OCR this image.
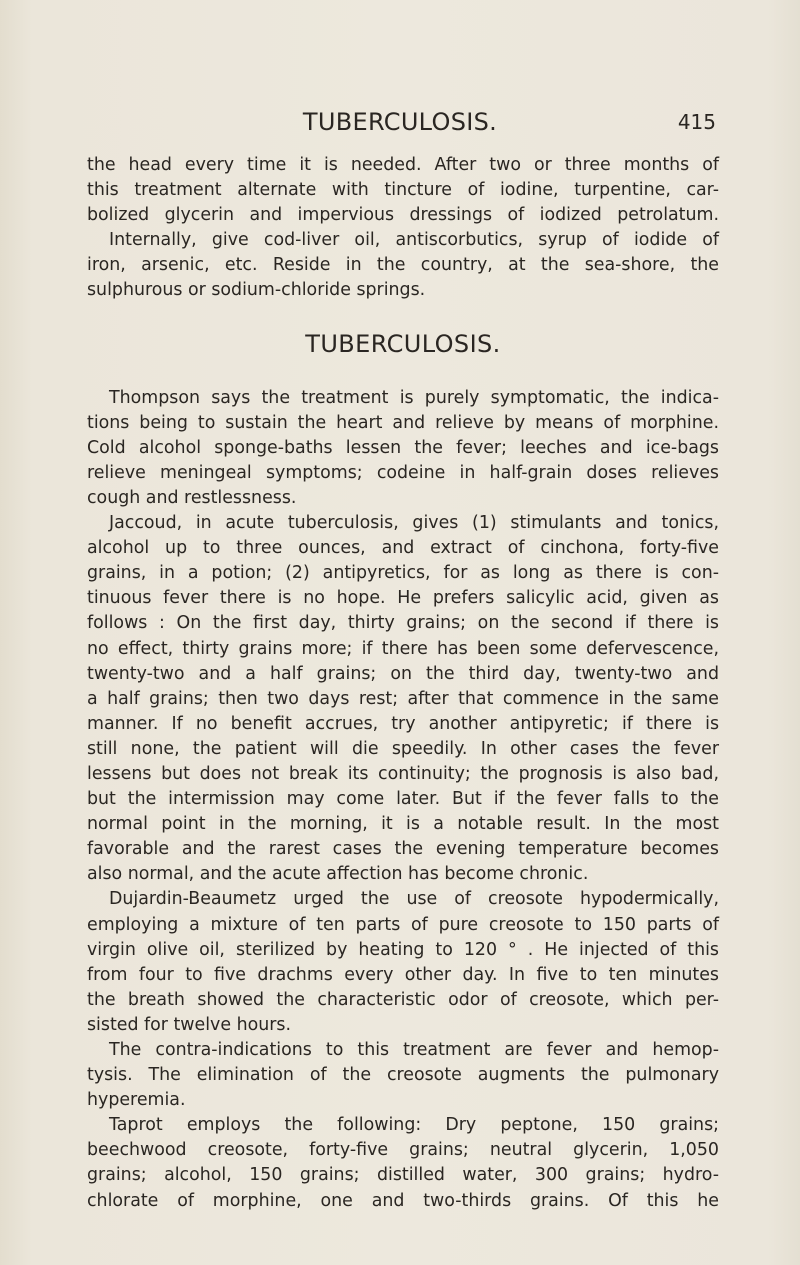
TUBERCULOSIS.	415
the head every time it is needed. After two or three months of
this treatment alternate with tincture of iodine, turpentine, car-
bolized glycerin and impervious dressings of iodized petrolatum.
Internally, give cod-liver oil, antiscorbutics, syrup of iodide of
iron, arsenic, etc. Reside in the country, at the sea-shore, the
sulphurous or sodium-chloride springs.
TUBERCULOSIS.
Thompson says the treatment is purely symptomatic, the indica-
tions being to sustain the heart and relieve by means of morphine.
Cold alcohol sponge-baths lessen the fever; leeches and ice-bags
relieve meningeal symptoms; codeine in half-grain doses relieves
cough and restlessness.
Jaccoud, in acute tuberculosis, gives (1) stimulants and tonics,
alcohol up to three ounces, and extract of cinchona, forty-five
grains, in a potion; (2) antipyretics, for as long as there is con-
tinuous fever there is no hope. He prefers salicylic acid, given as
follows : On the first day, thirty grains; on the second if there is
no effect, thirty grains more; if there has been some defervescence,
twenty-two and a half grains; on the third day, twenty-two and
a half grains; then two days rest; after that commence in the same
manner. If no benefit accrues, try another antipyretic; if there is
still none, the patient will die speedily. In other cases the fever
lessens but does not break its continuity; the prognosis is also bad,
but the intermission may come later. But if the fever falls to the
normal point in the morning, it is a notable result. In the most
favorable and the rarest cases the evening temperature becomes
also normal, and the acute affection has become chronic.
Dujardin-Beaumetz urged the use of creosote hypodermically,
employing a mixture of ten parts of pure creosote to 150 parts of
virgin olive oil, sterilized by heating to 120 ° . He injected of this
from four to five drachms every other day. In five to ten minutes
the breath showed the characteristic odor of creosote, which per-
sisted for twelve hours.
The contra-indications to this treatment are fever and hemop-
tysis. The elimination of the creosote augments the pulmonary
hyperemia.
Taprot employs the following: Dry peptone, 150 grains;
beechwood creosote, forty-five grains; neutral glycerin, 1,050
grains; alcohol, 150 grains; distilled water, 300 grains; hydro-
chlorate of morphine, one and two-thirds grains. Of this he
